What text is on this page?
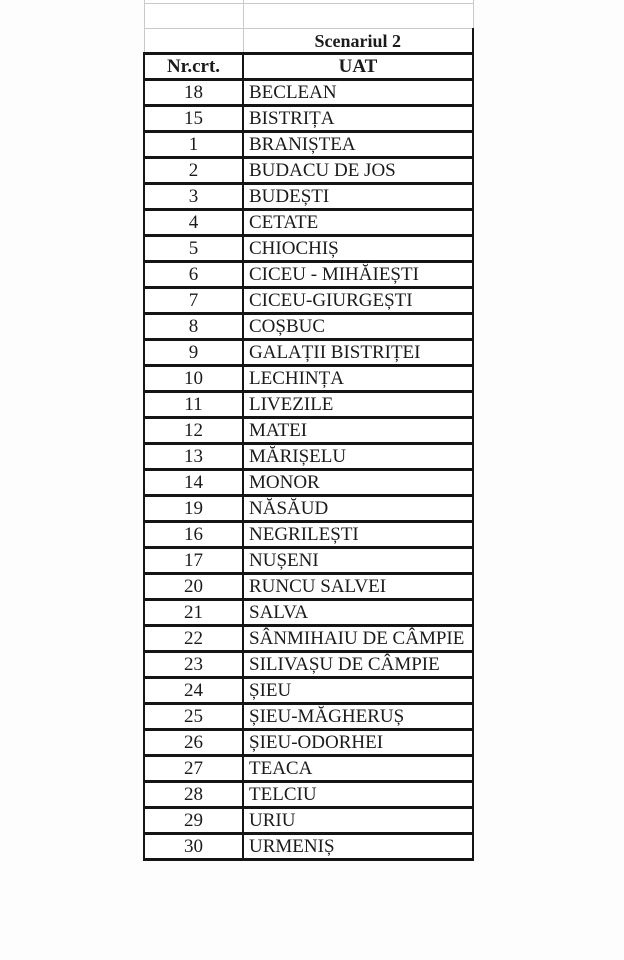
	Scenariul 2
Nr.crt.	UAT
18	BECLEAN
15	BISTRIȚA
1	BRANIȘTEA
2	BUDACU DE JOS
3	BUDEȘTI
4	CETATE
5	CHIOCHIȘ
6	CICEU - MIHĂIEȘTI
7	CICEU-GIURGEȘTI
8	COȘBUC
9	GALAȚII BISTRIȚEI
10	LECHINȚA
11	LIVEZILE
12	MATEI
13	MĂRIȘELU
14	MONOR
19	NĂSĂUD
16	NEGRILEȘTI
17	NUȘENI
20	RUNCU SALVEI
21	SALVA
22	SÂNMIHAIU DE CÂMPIE
23	SILIVAȘU DE CÂMPIE
24	ȘIEU
25	ȘIEU-MĂGHERUȘ
26	ȘIEU-ODORHEI
27	TEACA
28	TELCIU
29	URIU
30	URMENIȘ
